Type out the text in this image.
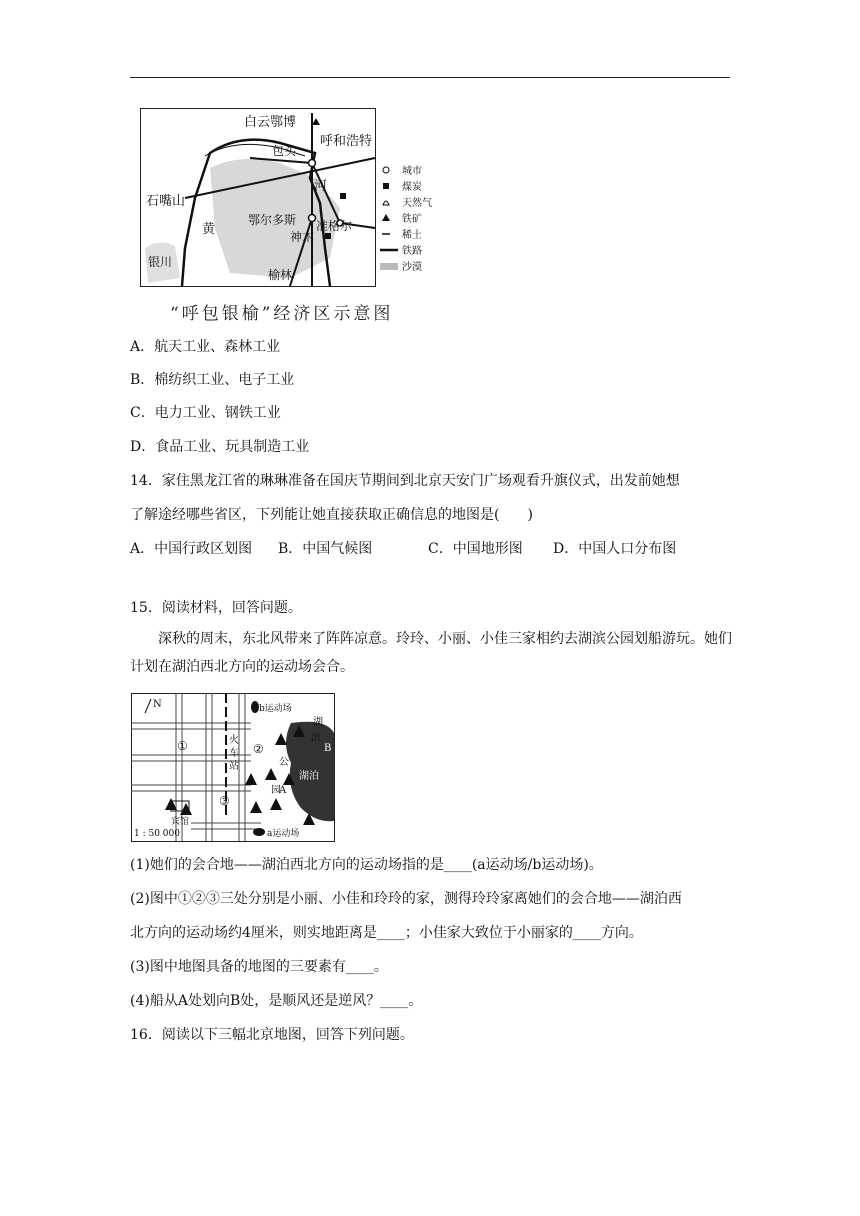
白云鄂博
包头
呼和浩特
河
石嘴山
黄
鄂尔多斯 准格尔
神木
银川
榆林
城市
煤炭
天然气
铁矿
稀土
铁路
沙漠
“呼包银榆”经济区示意图
A．航天工业、森林工业
B．棉纺织工业、电子工业
C．电力工业、钢铁工业
D．食品工业、玩具制造工业
14．家住黑龙江省的琳琳准备在国庆节期间到北京天安门广场观看升旗仪式，出发前她想
了解途经哪些省区，下列能让她直接获取正确信息的地图是(　　)
A．中国行政区划图 B．中国气候图	C．中国地形图 D．中国人口分布图
15．阅读材料，回答问题。
深秋的周末，东北风带来了阵阵凉意。玲玲、小丽、小佳三家相约去湖滨公园划船游玩。她们计划在湖泊西北方向的运动场会合。
N	b运动场
a运动场
火
车
站	公
园
湖
滨
湖泊
宾馆
1 : 50 000
①	②
③
A
B
(1)她们的会合地——湖泊西北方向的运动场指的是____(a运动场/b运动场)。
(2)图中①②③三处分别是小丽、小佳和玲玲的家，测得玲玲家离她们的会合地——湖泊西
北方向的运动场约4厘米，则实地距离是____；小佳家大致位于小丽家的____方向。
(3)图中地图具备的地图的三要素有____。
(4)船从A处划向B处，是顺风还是逆风？____。
16．阅读以下三幅北京地图，回答下列问题。
